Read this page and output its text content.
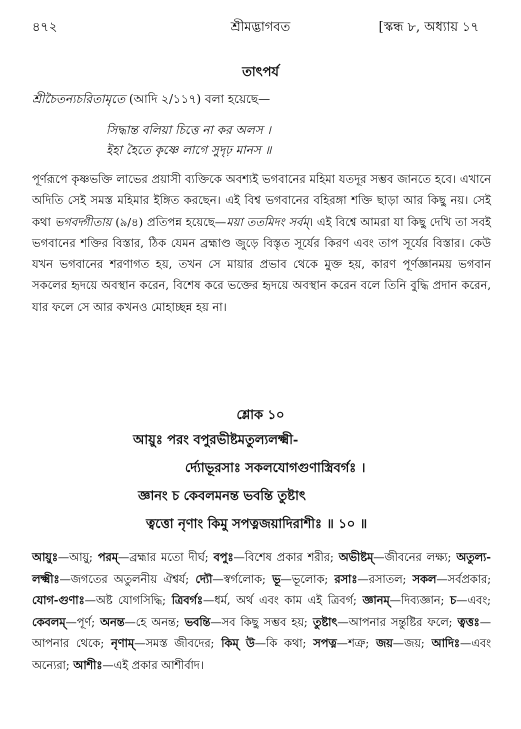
৪৭২	শ্রীমদ্ভাগবত	[স্কন্ধ ৮, অধ্যায় ১৭
তাৎপর্য
শ্রীচৈতন্যচরিতামৃতে (আদি ২/১১৭) বলা হয়েছে—
সিদ্ধান্ত বলিয়া চিত্তে না কর অলস ।
ইহা হৈতে কৃষ্ণে লাগে সুদৃঢ় মানস ॥

পূর্ণরূপে কৃষ্ণভক্তি লাভের প্রয়াসী ব্যক্তিকে অবশ্যই ভগবানের মহিমা যতদূর সম্ভব জানতে হবে। এখানে অদিতি সেই সমস্ত মহিমার ইঙ্গিত করছেন। এই বিশ্ব ভগবানের বহিরঙ্গা শক্তি ছাড়া আর কিছু নয়। সেই কথা ভগবদ্গীতায় (৯/৪) প্রতিপন্ন হয়েছে—ময়া ততমিদং সর্বম্। এই বিশ্বে আমরা যা কিছু দেখি তা সবই ভগবানের শক্তির বিস্তার, ঠিক যেমন ব্রহ্মাণ্ড জুড়ে বিস্তৃত সূর্যের কিরণ এবং তাপ সূর্যের বিস্তার। কেউ যখন ভগবানের শরণাগত হয়, তখন সে মায়ার প্রভাব থেকে মুক্ত হয়, কারণ পূর্ণজ্ঞানময় ভগবান সকলের হৃদয়ে অবস্থান করেন, বিশেষ করে ভক্তের হৃদয়ে অবস্থান করেন বলে তিনি বুদ্ধি প্রদান করেন, যার ফলে সে আর কখনও মোহাচ্ছন্ন হয় না।

শ্লোক ১০
আয়ুঃ পরং বপুরভীষ্টমতুল্যলক্ষ্মী-
র্দ্যোভূরসাঃ সকলযোগগুণাস্ত্রিবর্গঃ ।
জ্ঞানং চ কেবলমনন্ত ভবন্তি তুষ্টাৎ
ত্বত্তো নৃণাং কিমু সপত্নজয়াদিরাশীঃ ॥ ১০ ॥

আয়ুঃ—আয়ু; পরম্—ব্রহ্মার মতো দীর্ঘ; বপুঃ—বিশেষ প্রকার শরীর; অভীষ্টম্—জীবনের লক্ষ্য; অতুল্য-লক্ষ্মীঃ—জগতের অতুলনীয় ঐশ্বর্য; দ্যৌ—স্বর্গলোক; ভূ—ভূলোক; রসাঃ—রসাতল; সকল—সর্বপ্রকার; যোগ-গুণাঃ—অষ্ট যোগসিদ্ধি; ত্রিবর্গঃ—ধর্ম, অর্থ এবং কাম এই ত্রিবর্গ; জ্ঞানম্—দিব্যজ্ঞান; চ—এবং; কেবলম্—পূর্ণ; অনন্ত—হে অনন্ত; ভবন্তি—সব কিছু সম্ভব হয়; তুষ্টাৎ—আপনার সন্তুষ্টির ফলে; ত্বত্তঃ—আপনার থেকে; নৃণাম্—সমস্ত জীবদের; কিম্ উ—কি কথা; সপত্ন—শত্রু; জয়—জয়; আদিঃ—এবং অন্যেরা; আশীঃ—এই প্রকার আশীর্বাদ।
